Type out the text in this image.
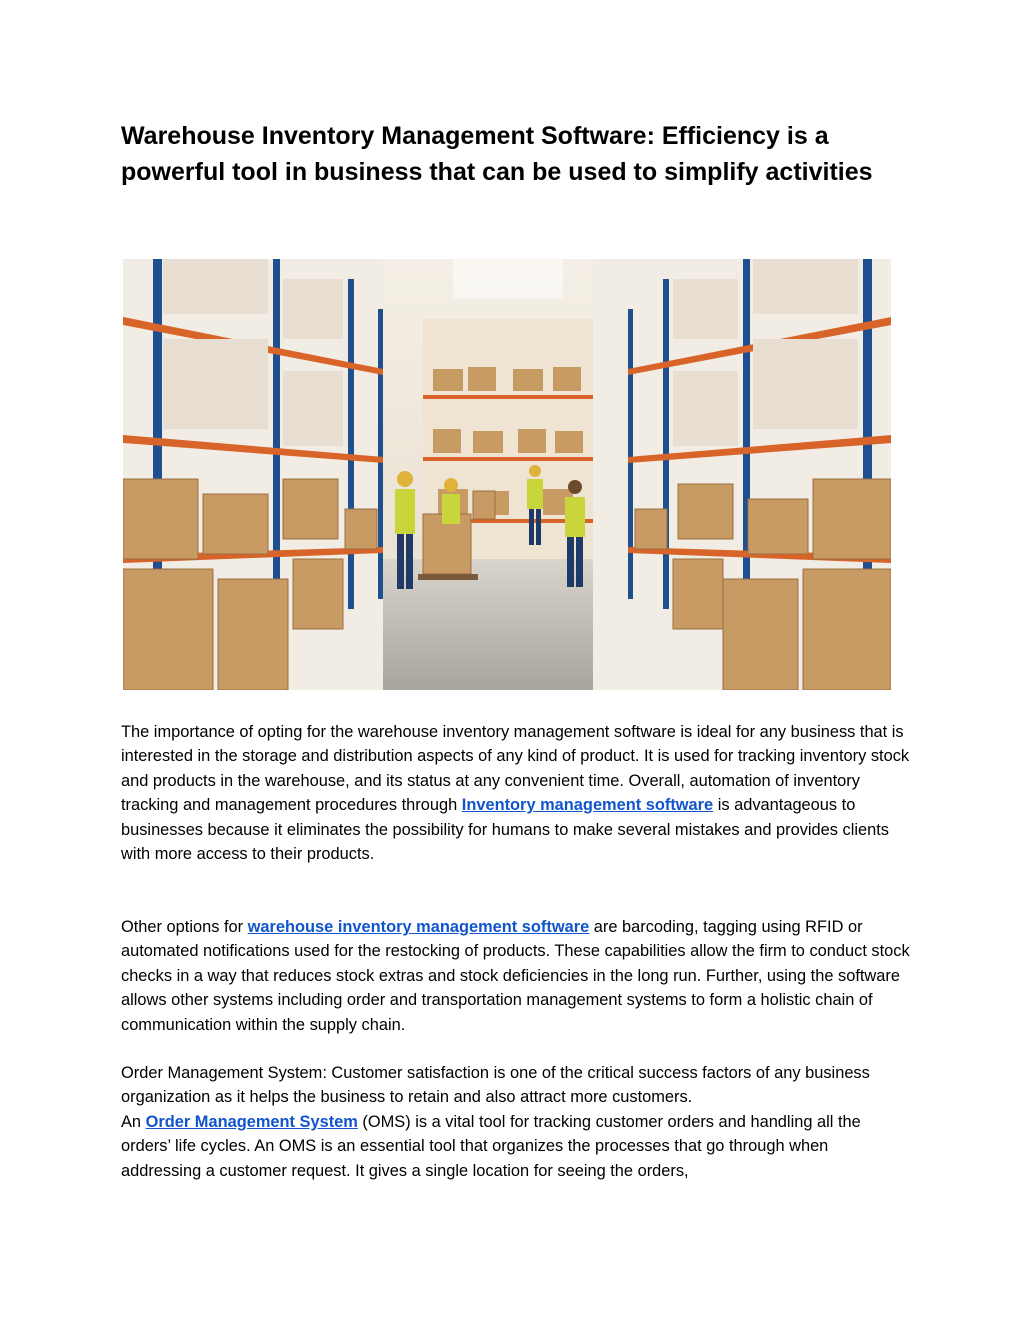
Warehouse Inventory Management Software: Efficiency is a powerful tool in business that can be used to simplify activities

The importance of opting for the warehouse inventory management software is ideal for any business that is interested in the storage and distribution aspects of any kind of product. It is used for tracking inventory stock and products in the warehouse, and its status at any convenient time. Overall, automation of inventory tracking and management procedures through Inventory management software is advantageous to businesses because it eliminates the possibility for humans to make several mistakes and provides clients with more access to their products.

Other options for warehouse inventory management software are barcoding, tagging using RFID or automated notifications used for the restocking of products. These capabilities allow the firm to conduct stock checks in a way that reduces stock extras and stock deficiencies in the long run. Further, using the software allows other systems including order and transportation management systems to form a holistic chain of communication within the supply chain.

Order Management System: Customer satisfaction is one of the critical success factors of any business organization as it helps the business to retain and also attract more customers.
An Order Management System (OMS) is a vital tool for tracking customer orders and handling all the orders’ life cycles. An OMS is an essential tool that organizes the processes that go through when addressing a customer request. It gives a single location for seeing the orders,
